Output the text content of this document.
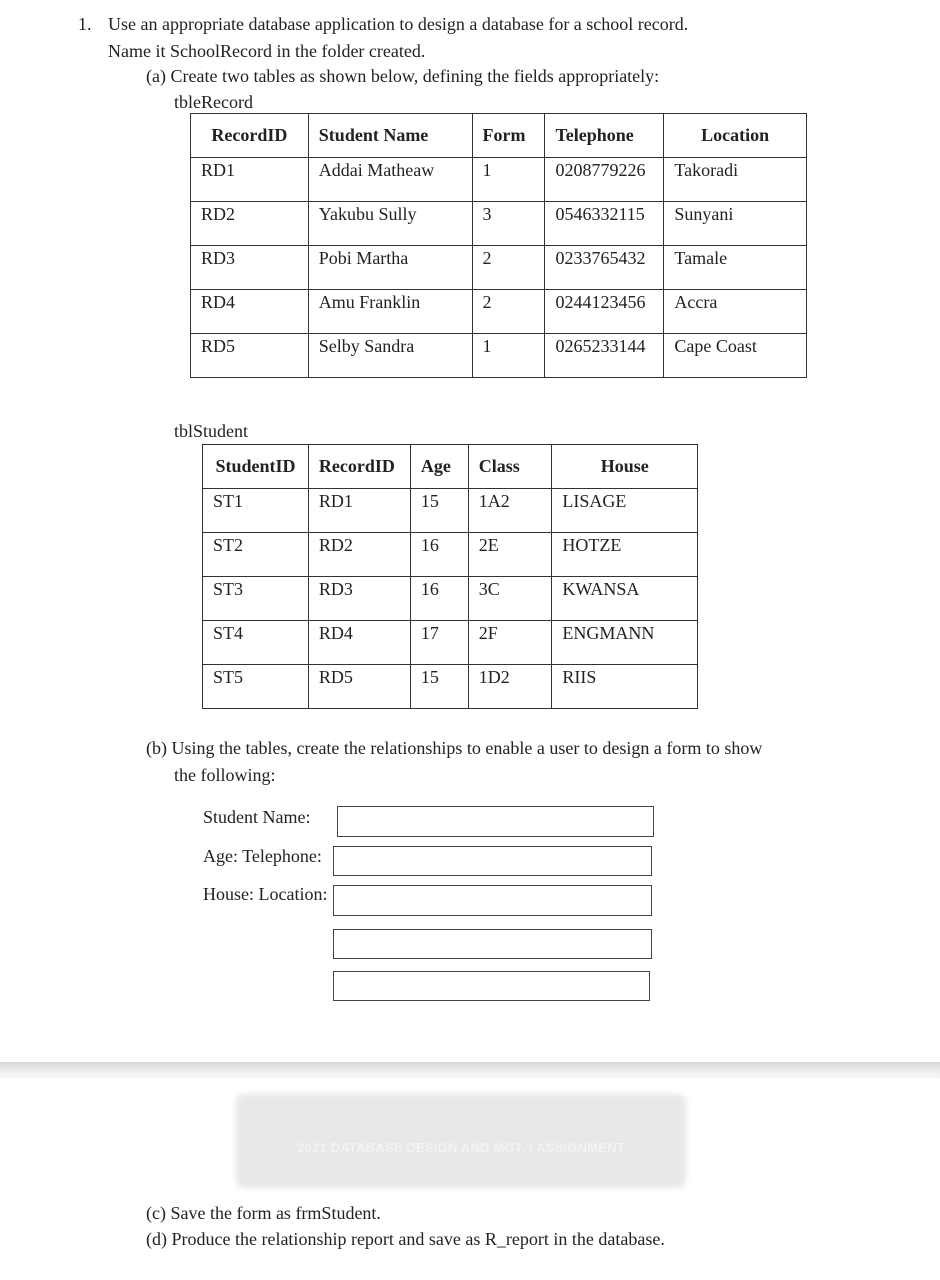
1. Use an appropriate database application to design a database for a school record.
Name it SchoolRecord in the folder created.
(a) Create two tables as shown below, defining the fields appropriately:
tbleRecord
RecordID	Student Name	Form	Telephone	Location
RD1	Addai Matheaw	1	0208779226	Takoradi
RD2	Yakubu Sully	3	0546332115	Sunyani
RD3	Pobi Martha	2	0233765432	Tamale
RD4	Amu Franklin	2	0244123456	Accra
RD5	Selby Sandra	1	0265233144	Cape Coast
tblStudent
StudentID	RecordID	Age	Class	House
ST1	RD1	15	1A2	LISAGE
ST2	RD2	16	2E	HOTZE
ST3	RD3	16	3C	KWANSA
ST4	RD4	17	2F	ENGMANN
ST5	RD5	15	1D2	RIIS
(b) Using the tables, create the relationships to enable a user to design a form to show
the following:
Student Name:
Age: Telephone:
House: Location:
2021 DATABASE DESIGN AND MGT. I ASSIGNMENT
(c) Save the form as frmStudent.
(d) Produce the relationship report and save as R_report in the database.
